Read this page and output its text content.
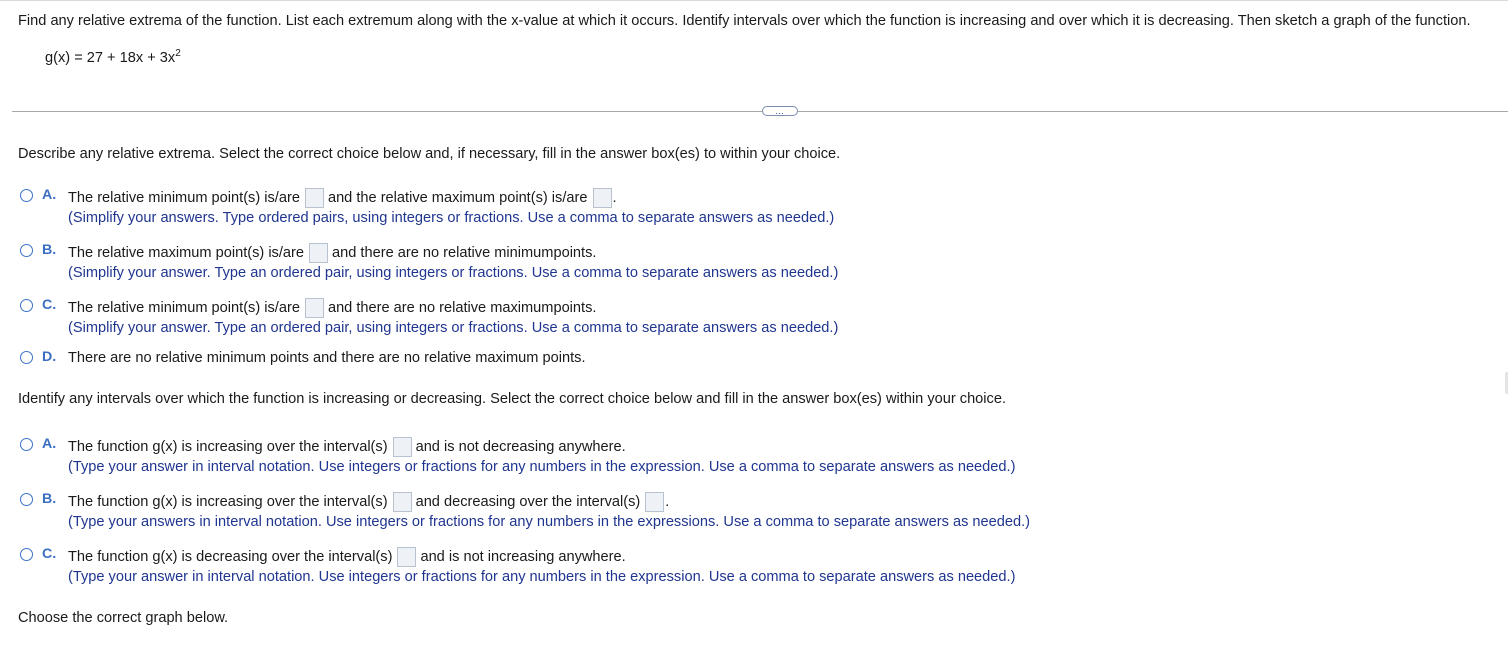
Find any relative extrema of the function. List each extremum along with the x-value at which it occurs. Identify intervals over which the function is increasing and over which it is decreasing. Then sketch a graph of the function.
$g(x) = 27 + 18x + 3x^2$
…
Describe any relative extrema. Select the correct choice below and, if necessary, fill in the answer box(es) to within your choice.
A. The relative minimum point(s) is/are and the relative maximum point(s) is/are .
(Simplify your answers. Type ordered pairs, using integers or fractions. Use a comma to separate answers as needed.)
B. The relative maximum point(s) is/are and there are no relative minimumpoints.
(Simplify your answer. Type an ordered pair, using integers or fractions. Use a comma to separate answers as needed.)
C. The relative minimum point(s) is/are and there are no relative maximumpoints.
(Simplify your answer. Type an ordered pair, using integers or fractions. Use a comma to separate answers as needed.)
D. There are no relative minimum points and there are no relative maximum points.
Identify any intervals over which the function is increasing or decreasing. Select the correct choice below and fill in the answer box(es) within your choice.
A. The function g(x) is increasing over the interval(s) and is not decreasing anywhere.
(Type your answer in interval notation. Use integers or fractions for any numbers in the expression. Use a comma to separate answers as needed.)
B. The function g(x) is increasing over the interval(s) and decreasing over the interval(s) .
(Type your answers in interval notation. Use integers or fractions for any numbers in the expressions. Use a comma to separate answers as needed.)
C. The function g(x) is decreasing over the interval(s) and is not increasing anywhere.
(Type your answer in interval notation. Use integers or fractions for any numbers in the expression. Use a comma to separate answers as needed.)
Choose the correct graph below.
